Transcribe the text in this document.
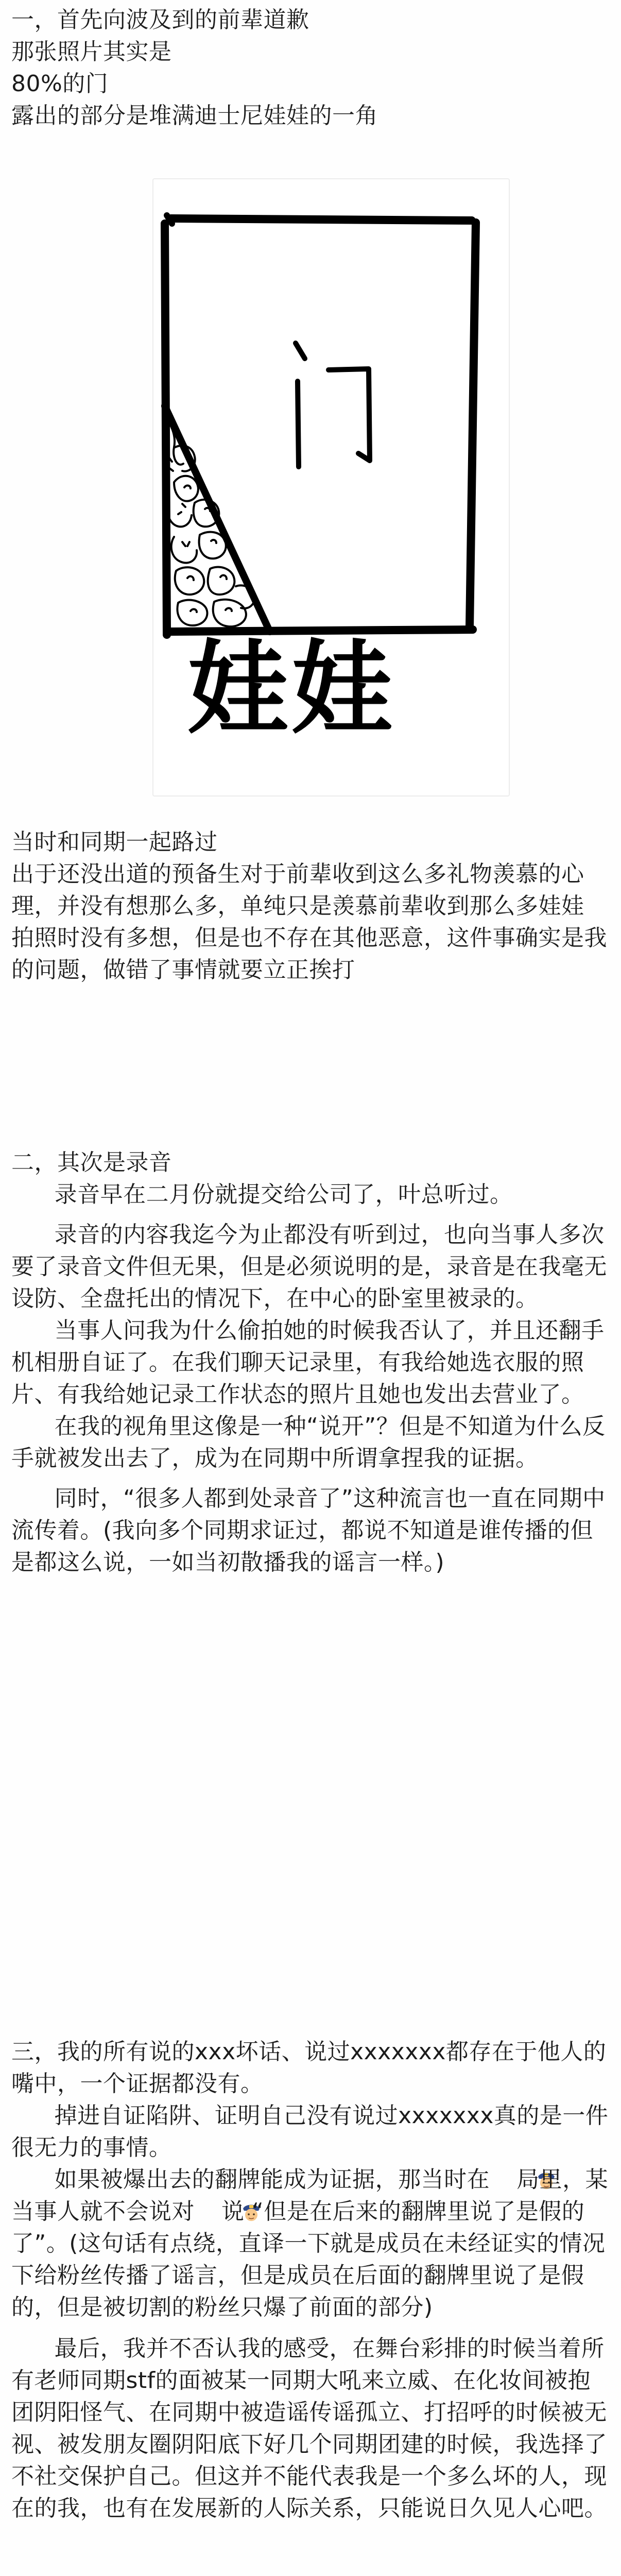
一，首先向波及到的前辈道歉

那张照片其实是

80%的门

露出的部分是堆满迪士尼娃娃的一角

娃娃

当时和同期一起路过

出于还没出道的预备生对于前辈收到这么多礼物羡慕的心理，并没有想那么多，单纯只是羡慕前辈收到那么多娃娃

拍照时没有多想，但是也不存在其他恶意，这件事确实是我的问题，做错了事情就要立正挨打

二，其次是录音

录音早在二月份就提交给公司了，叶总听过。

录音的内容我迄今为止都没有听到过，也向当事人多次要了录音文件但无果，但是必须说明的是，录音是在我毫无设防、全盘托出的情况下，在中心的卧室里被录的。

当事人问我为什么偷拍她的时候我否认了，并且还翻手机相册自证了。在我们聊天记录里，有我给她选衣服的照片、有我给她记录工作状态的照片且她也发出去营业了。

在我的视角里这像是一种“说开”？但是不知道为什么反手就被发出去了，成为在同期中所谓拿捏我的证据。

同时，“很多人都到处录音了”这种流言也一直在同期中流传着。(我向多个同期求证过，都说不知道是谁传播的但是都这么说，一如当初散播我的谣言一样。)

三，我的所有说的xxx坏话、说过xxxxxxx都存在于他人的嘴中，一个证据都没有。

掉进自证陷阱、证明自己没有说过xxxxxxx真的是一件很无力的事情。

如果被爆出去的翻牌能成为证据，那当时在 局里，某当事人就不会说对 说 “但是在后来的翻牌里说了是假的了”。(这句话有点绕，直译一下就是成员在未经证实的情况下给粉丝传播了谣言，但是成员在后面的翻牌里说了是假的，但是被切割的粉丝只爆了前面的部分)

最后，我并不否认我的感受，在舞台彩排的时候当着所有老师同期stf的面被某一同期大吼来立威、在化妆间被抱团阴阳怪气、在同期中被造谣传谣孤立、打招呼的时候被无视、被发朋友圈阴阳底下好几个同期团建的时候，我选择了不社交保护自己。但这并不能代表我是一个多么坏的人，现在的我，也有在发展新的人际关系，只能说日久见人心吧。
